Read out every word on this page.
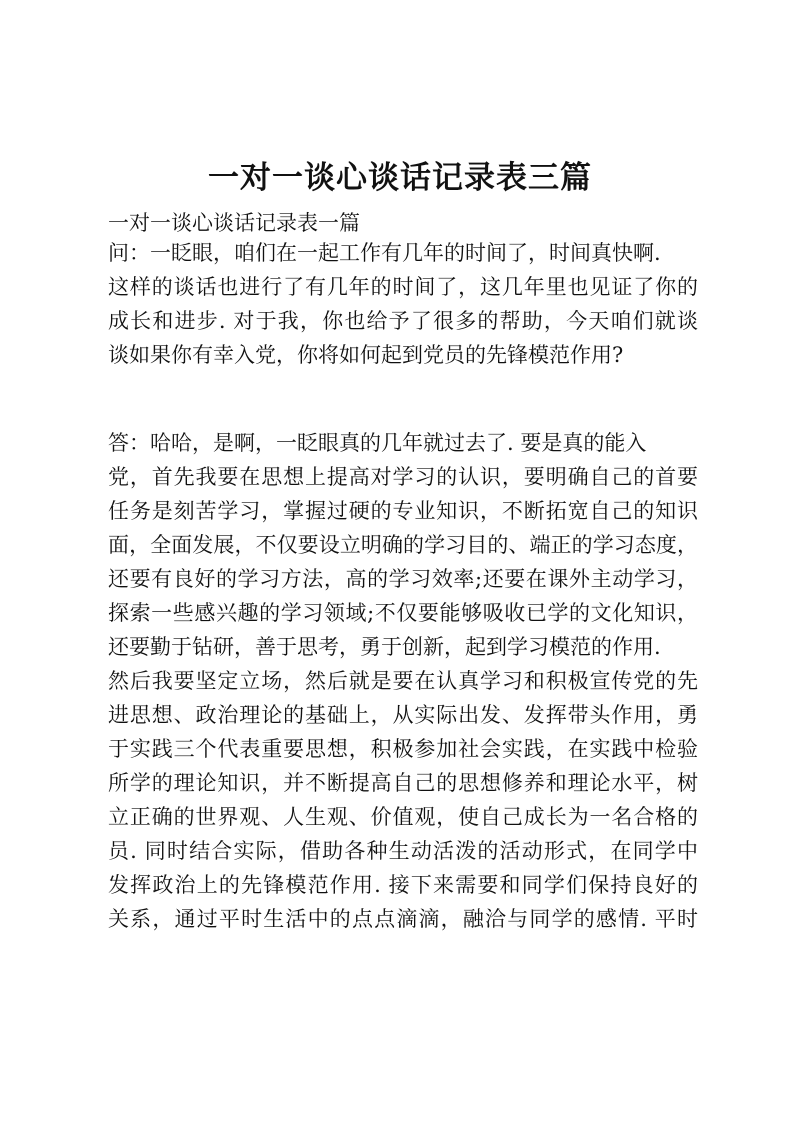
一对一谈心谈话记录表三篇

一对一谈心谈话记录表一篇

问：一眨眼，咱们在一起工作有几年的时间了，时间真快啊.
这样的谈话也进行了有几年的时间了，这几年里也见证了你的
成长和进步. 对于我，你也给予了很多的帮助，今天咱们就谈
谈如果你有幸入党，你将如何起到党员的先锋模范作用?
答：哈哈，是啊，一眨眼真的几年就过去了. 要是真的能入
党，首先我要在思想上提高对学习的认识，要明确自己的首要
任务是刻苦学习，掌握过硬的专业知识，不断拓宽自己的知识
面，全面发展，不仅要设立明确的学习目的、端正的学习态度，
还要有良好的学习方法，高的学习效率;还要在课外主动学习，
探索一些感兴趣的学习领域;不仅要能够吸收已学的文化知识，
还要勤于钻研，善于思考，勇于创新，起到学习模范的作用.
然后我要坚定立场，然后就是要在认真学习和积极宣传党的先
进思想、政治理论的基础上，从实际出发、发挥带头作用，勇
于实践三个代表重要思想，积极参加社会实践，在实践中检验
所学的理论知识，并不断提高自己的思想修养和理论水平，树
立正确的世界观、人生观、价值观，使自己成长为一名合格的
员. 同时结合实际，借助各种生动活泼的活动形式，在同学中
发挥政治上的先锋模范作用. 接下来需要和同学们保持良好的
关系，通过平时生活中的点点滴滴，融洽与同学的感情. 平时
